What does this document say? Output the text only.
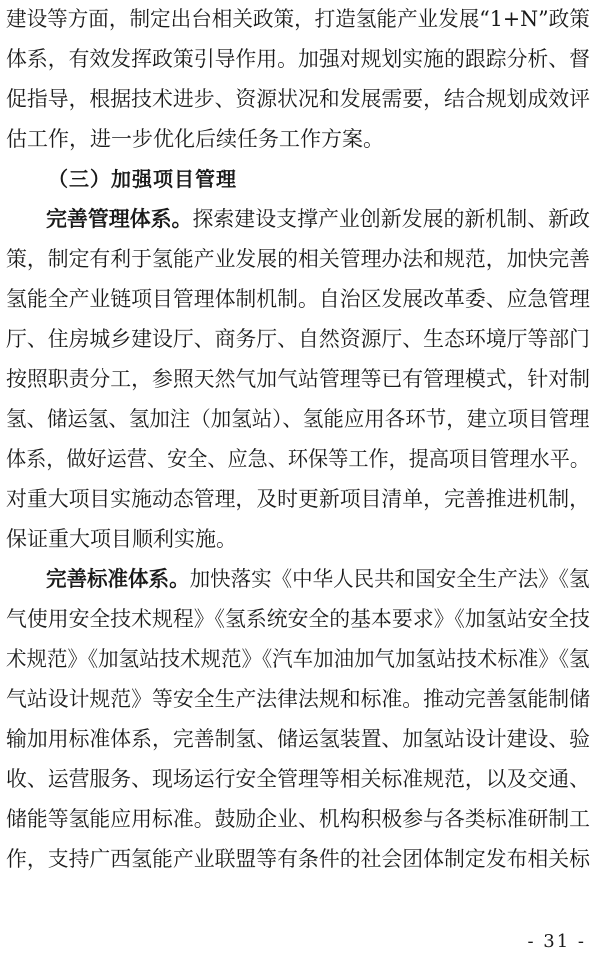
建设等方面，制定出台相关政策，打造氢能产业发展“1+N”政策
体系，有效发挥政策引导作用。加强对规划实施的跟踪分析、督
促指导，根据技术进步、资源状况和发展需要，结合规划成效评
估工作，进一步优化后续任务工作方案。
（三）加强项目管理
完善管理体系。探索建设支撑产业创新发展的新机制、新政
策，制定有利于氢能产业发展的相关管理办法和规范，加快完善
氢能全产业链项目管理体制机制。自治区发展改革委、应急管理
厅、住房城乡建设厅、商务厅、自然资源厅、生态环境厅等部门
按照职责分工，参照天然气加气站管理等已有管理模式，针对制
氢、储运氢、氢加注（加氢站）、氢能应用各环节，建立项目管理
体系，做好运营、安全、应急、环保等工作，提高项目管理水平。
对重大项目实施动态管理，及时更新项目清单，完善推进机制，
保证重大项目顺利实施。
完善标准体系。加快落实《中华人民共和国安全生产法》《氢
气使用安全技术规程》《氢系统安全的基本要求》《加氢站安全技
术规范》《加氢站技术规范》《汽车加油加气加氢站技术标准》《氢
气站设计规范》等安全生产法律法规和标准。推动完善氢能制储
输加用标准体系，完善制氢、储运氢装置、加氢站设计建设、验
收、运营服务、现场运行安全管理等相关标准规范，以及交通、
储能等氢能应用标准。鼓励企业、机构积极参与各类标准研制工
作，支持广西氢能产业联盟等有条件的社会团体制定发布相关标
- 31 -
